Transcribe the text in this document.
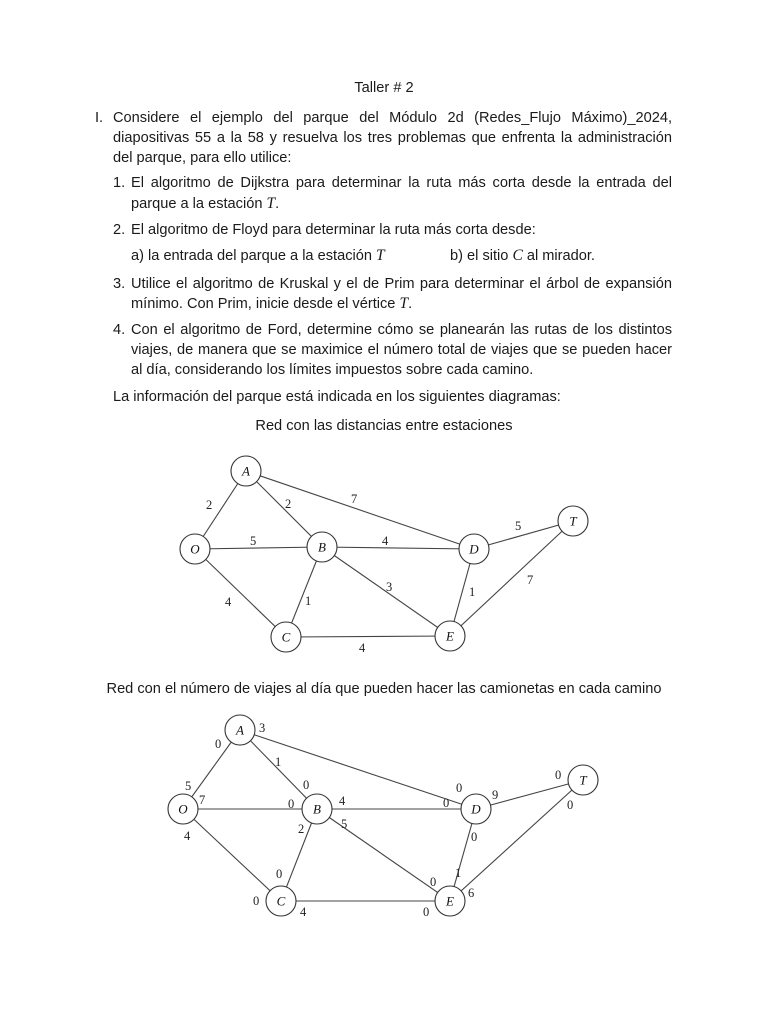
Taller # 2
I. Considere el ejemplo del parque del Módulo 2d (Redes_Flujo Máximo)_2024,
diapositivas 55 a la 58 y resuelva los tres problemas que enfrenta la administración
del parque, para ello utilice:
1. El algoritmo de Dijkstra para determinar la ruta más corta desde la entrada del
parque a la estación T.
2. El algoritmo de Floyd para determinar la ruta más corta desde:
a) la entrada del parque a la estación T	b) el sitio C al mirador.
3. Utilice el algoritmo de Kruskal y el de Prim para determinar el árbol de expansión
mínimo. Con Prim, inicie desde el vértice T.
4. Con el algoritmo de Ford, determine cómo se planearán las rutas de los distintos
viajes, de manera que se maximice el número total de viajes que se pueden hacer
al día, considerando los límites impuestos sobre cada camino.
La información del parque está indicada en los siguientes diagramas:
Red con las distancias entre estaciones
2	2	7
5	4
5
4	1
3	1
7
4
A
O	B	D
T
C	E
Red con el número de viajes al día que pueden hacer las camionetas en cada camino
3
0
1
0
5
7
4
0	4
2	5
0
0
9
0
0
0
0
0
4
0
1
6
0
A
O	B	D
T
C	E
